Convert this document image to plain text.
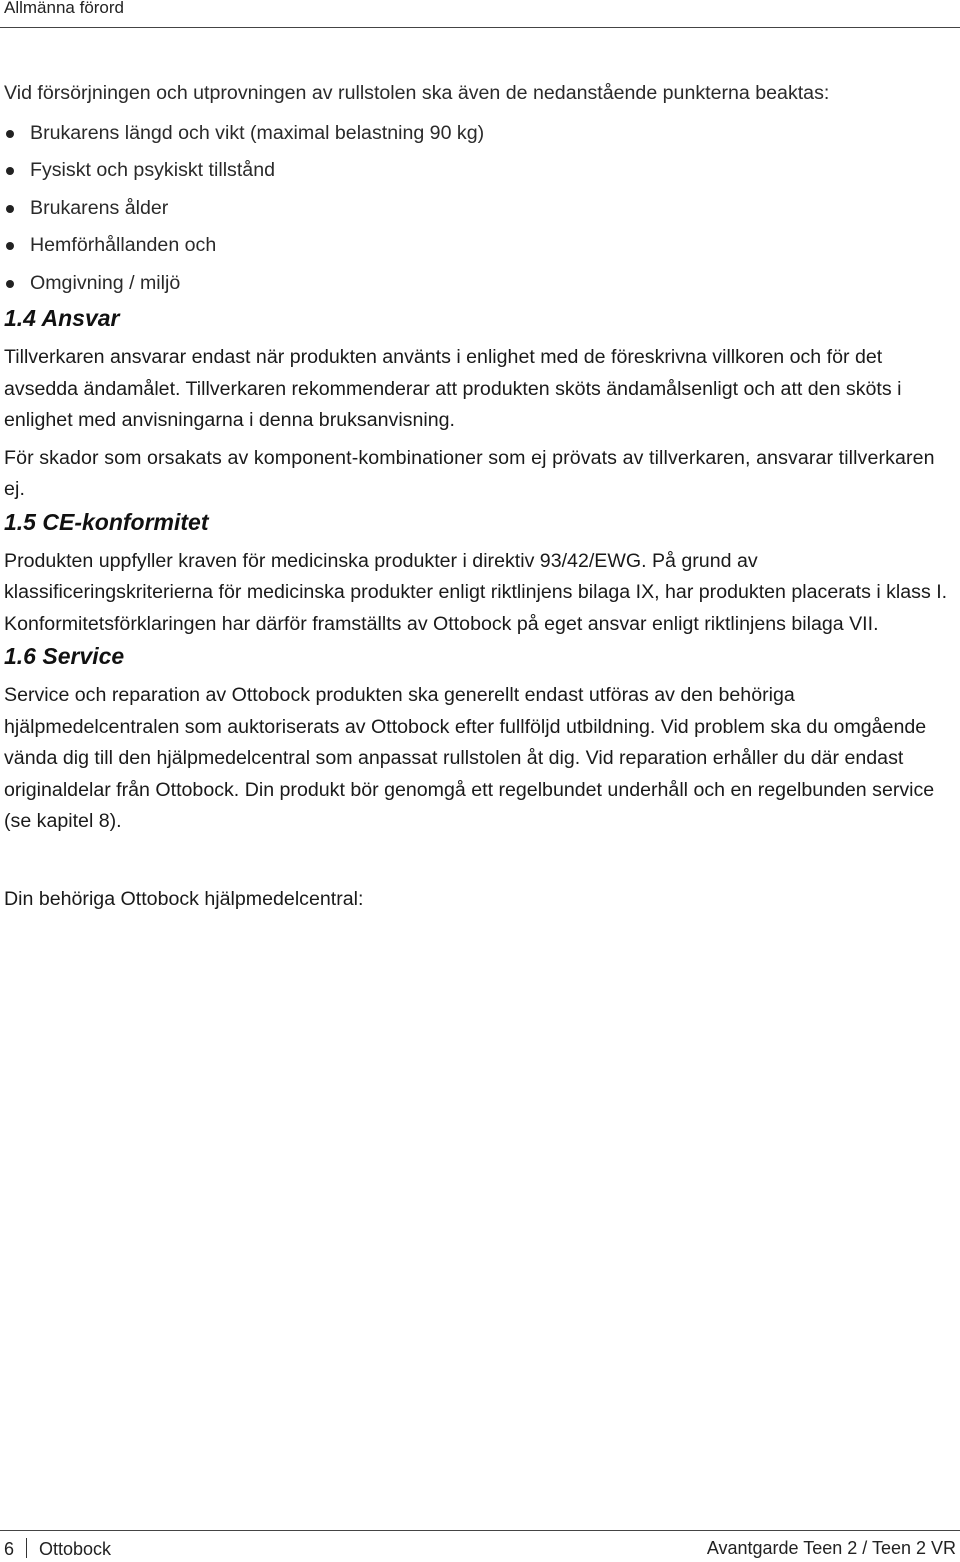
Allmänna förord

Vid försörjningen och utprovningen av rullstolen ska även de nedanstående punkterna beaktas:

Brukarens längd och vikt (maximal belastning 90 kg)
Fysiskt och psykiskt tillstånd
Brukarens ålder
Hemförhållanden och
Omgivning / miljö
1.4 Ansvar

Tillverkaren ansvarar endast när produkten använts i enlighet med de föreskrivna villkoren och för det avsedda ändamålet. Tillverkaren rekommenderar att produkten sköts ändamålsenligt och att den sköts i enlighet med anvisningarna i denna bruksanvisning.

För skador som orsakats av komponent-kombinationer som ej prövats av tillverkaren, ansvarar tillverkaren ej.

1.5 CE-konformitet

Produkten uppfyller kraven för medicinska produkter i direktiv 93/42/EWG. På grund av klassificeringskriterierna för medicinska produkter enligt riktlinjens bilaga IX, har produkten placerats i klass I. Konformitetsförklaringen har därför framställts av Ottobock på eget ansvar enligt riktlinjens bilaga VII.

1.6 Service

Service och reparation av Ottobock produkten ska generellt endast utföras av den behöriga hjälpmedelcentralen som auktoriserats av Ottobock efter fullföljd utbildning. Vid problem ska du omgående vända dig till den hjälpmedelcentral som anpassat rullstolen åt dig. Vid reparation erhåller du där endast originaldelar från Ottobock. Din produkt bör genomgå ett regelbundet underhåll och en regelbunden service (se kapitel 8).

Din behöriga Ottobock hjälpmedelcentral:

6 Ottobock	Avantgarde Teen 2 / Teen 2 VR
